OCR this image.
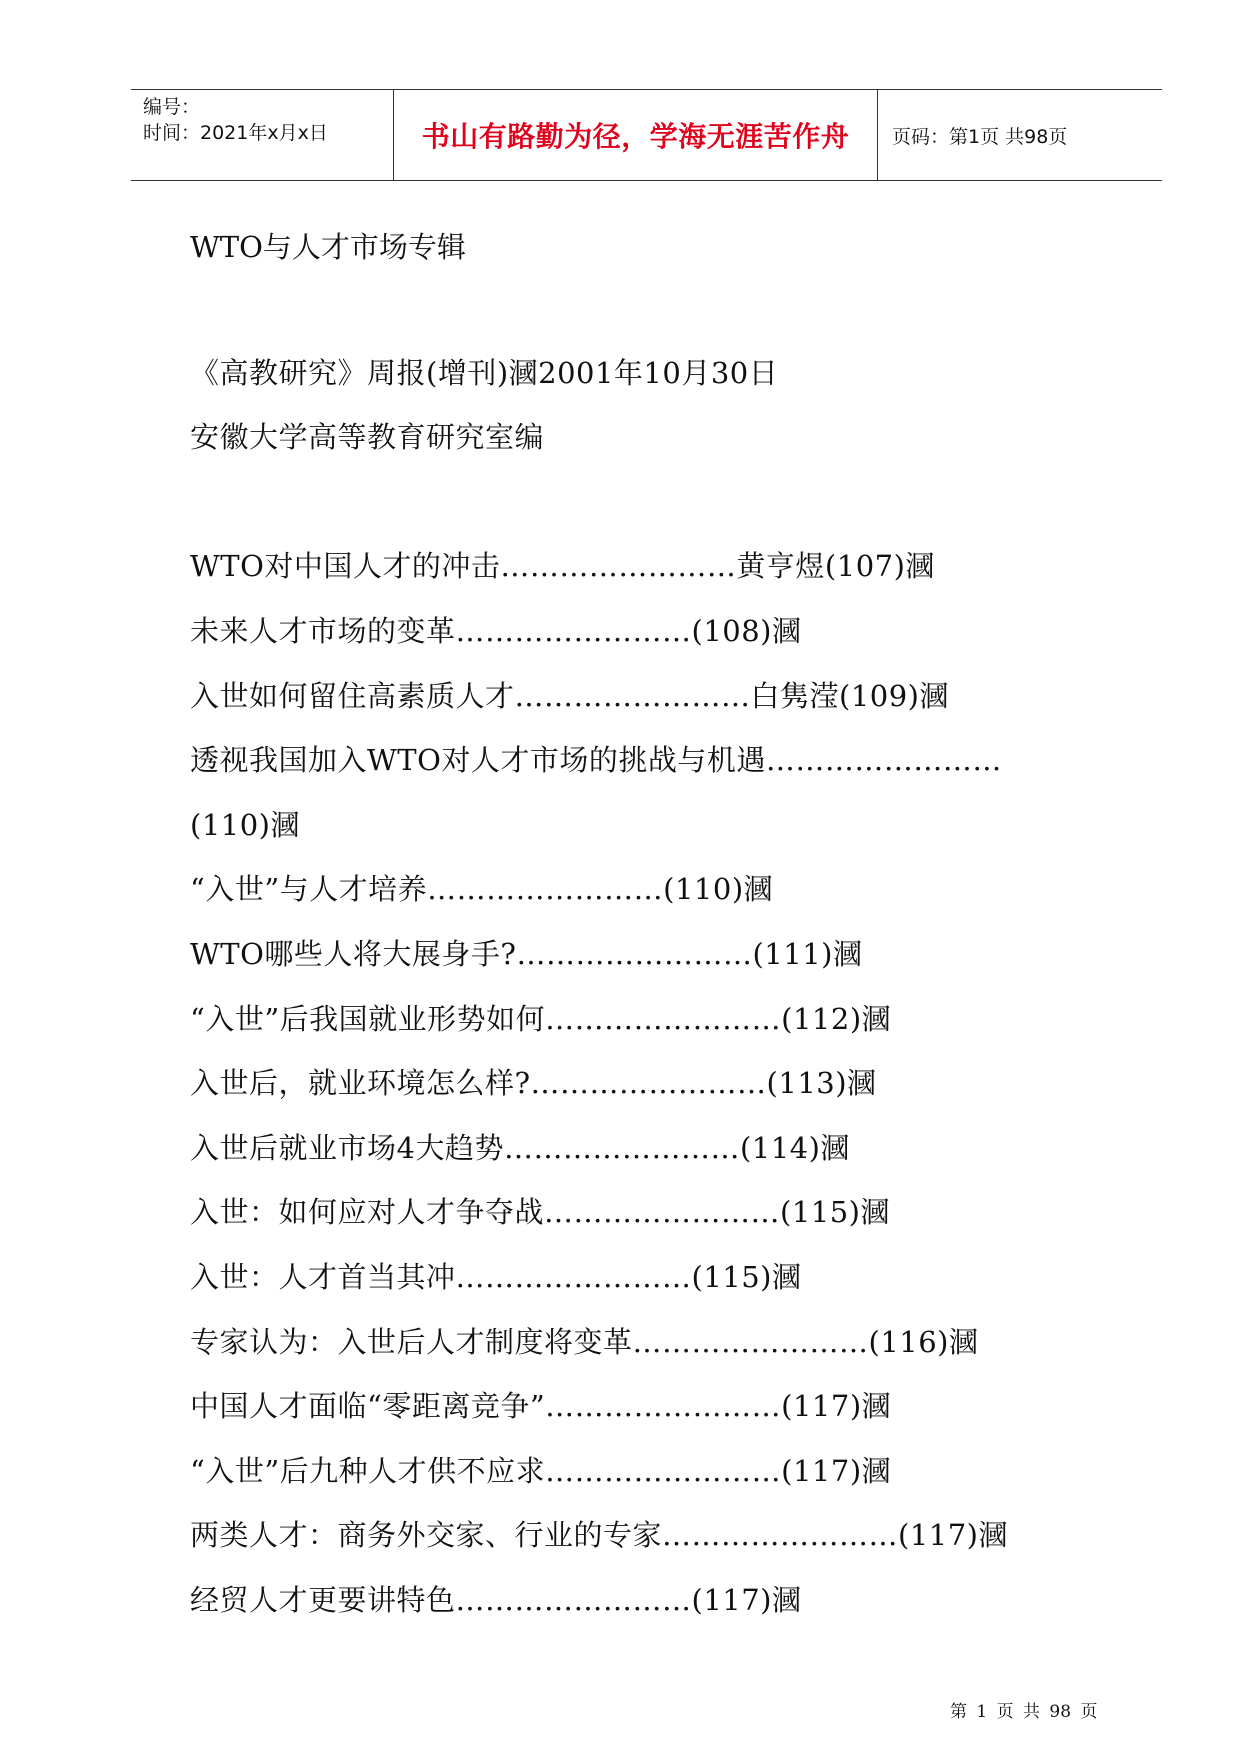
编号：
时间：2021年x月x日	书山有路勤为径，学海无涯苦作舟 页码：第1页 共98页
WTO与人才市场专辑
《高教研究》周报(增刊)漍2001年10月30日
安徽大学高等教育研究室编
WTO对中国人才的冲击……………………黄亨煜(107)漍
未来人才市场的变革……………………(108)漍
入世如何留住高素质人才……………………白隽滢(109)漍
透视我国加入WTO对人才市场的挑战与机遇……………………
(110)漍
“入世”与人才培养……………………(110)漍
WTO哪些人将大展身手?……………………(111)漍
“入世”后我国就业形势如何……………………(112)漍
入世后，就业环境怎么样?……………………(113)漍
入世后就业市场4大趋势……………………(114)漍
入世：如何应对人才争夺战……………………(115)漍
入世：人才首当其冲……………………(115)漍
专家认为：入世后人才制度将变革……………………(116)漍
中国人才面临“零距离竞争”……………………(117)漍
“入世”后九种人才供不应求……………………(117)漍
两类人才：商务外交家、行业的专家……………………(117)漍
经贸人才更要讲特色……………………(117)漍
第 1 页 共 98 页
